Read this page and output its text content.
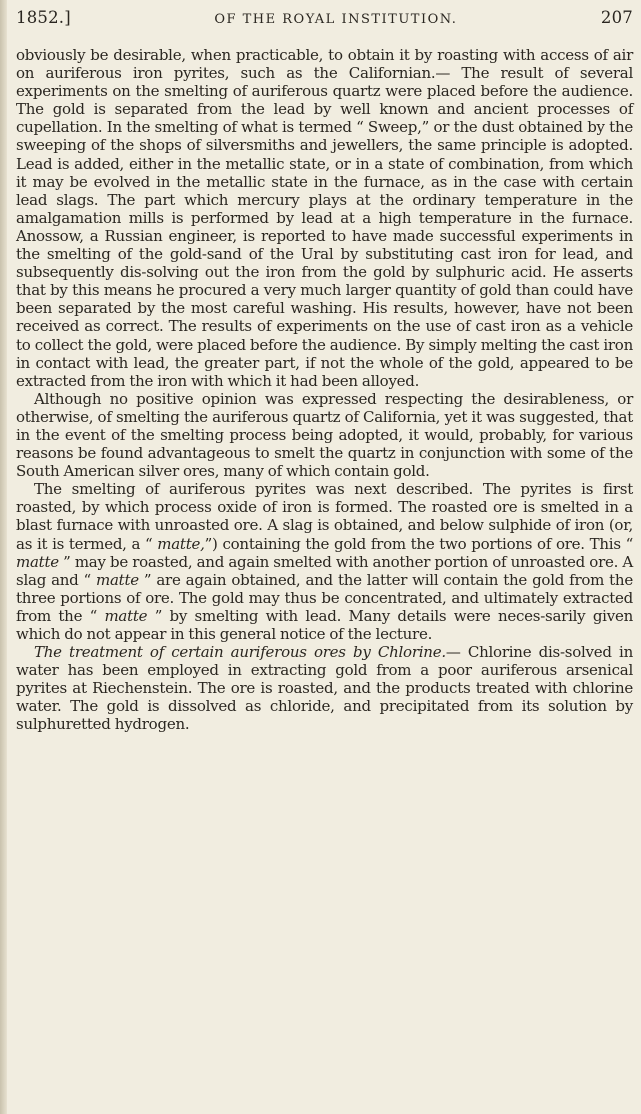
1852.]	OF THE ROYAL INSTITUTION.	207

obviously be desirable, when practicable, to obtain it by roasting with access of air on auriferous iron pyrites, such as the Californian.— The result of several experiments on the smelting of auriferous quartz were placed before the audience. The gold is separated from the lead by well known and ancient processes of cupellation. In the smelting of what is termed “ Sweep,” or the dust obtained by the sweeping of the shops of silversmiths and jewellers, the same principle is adopted. Lead is added, either in the metallic state, or in a state of combination, from which it may be evolved in the metallic state in the furnace, as in the case with certain lead slags. The part which mercury plays at the ordinary temperature in the amalgamation mills is performed by lead at a high temperature in the furnace. Anossow, a Russian engineer, is reported to have made successful experiments in the smelting of the gold-sand of the Ural by substituting cast iron for lead, and subsequently dis-solving out the iron from the gold by sulphuric acid. He asserts that by this means he procured a very much larger quantity of gold than could have been separated by the most careful washing. His results, however, have not been received as correct. The results of experiments on the use of cast iron as a vehicle to collect the gold, were placed before the audience. By simply melting the cast iron in contact with lead, the greater part, if not the whole of the gold, appeared to be extracted from the iron with which it had been alloyed.

Although no positive opinion was expressed respecting the desirableness, or otherwise, of smelting the auriferous quartz of California, yet it was suggested, that in the event of the smelting process being adopted, it would, probably, for various reasons be found advantageous to smelt the quartz in conjunction with some of the South American silver ores, many of which contain gold.

The smelting of auriferous pyrites was next described. The pyrites is first roasted, by which process oxide of iron is formed. The roasted ore is smelted in a blast furnace with unroasted ore. A slag is obtained, and below sulphide of iron (or, as it is termed, a “ matte,”) containing the gold from the two portions of ore. This “ matte ” may be roasted, and again smelted with another portion of unroasted ore. A slag and “ matte ” are again obtained, and the latter will contain the gold from the three portions of ore. The gold may thus be concentrated, and ultimately extracted from the “ matte ” by smelting with lead. Many details were neces-sarily given which do not appear in this general notice of the lecture.

The treatment of certain auriferous ores by Chlorine.— Chlorine dis-solved in water has been employed in extracting gold from a poor auriferous arsenical pyrites at Riechenstein. The ore is roasted, and the products treated with chlorine water. The gold is dissolved as chloride, and precipitated from its solution by sulphuretted hydrogen.
